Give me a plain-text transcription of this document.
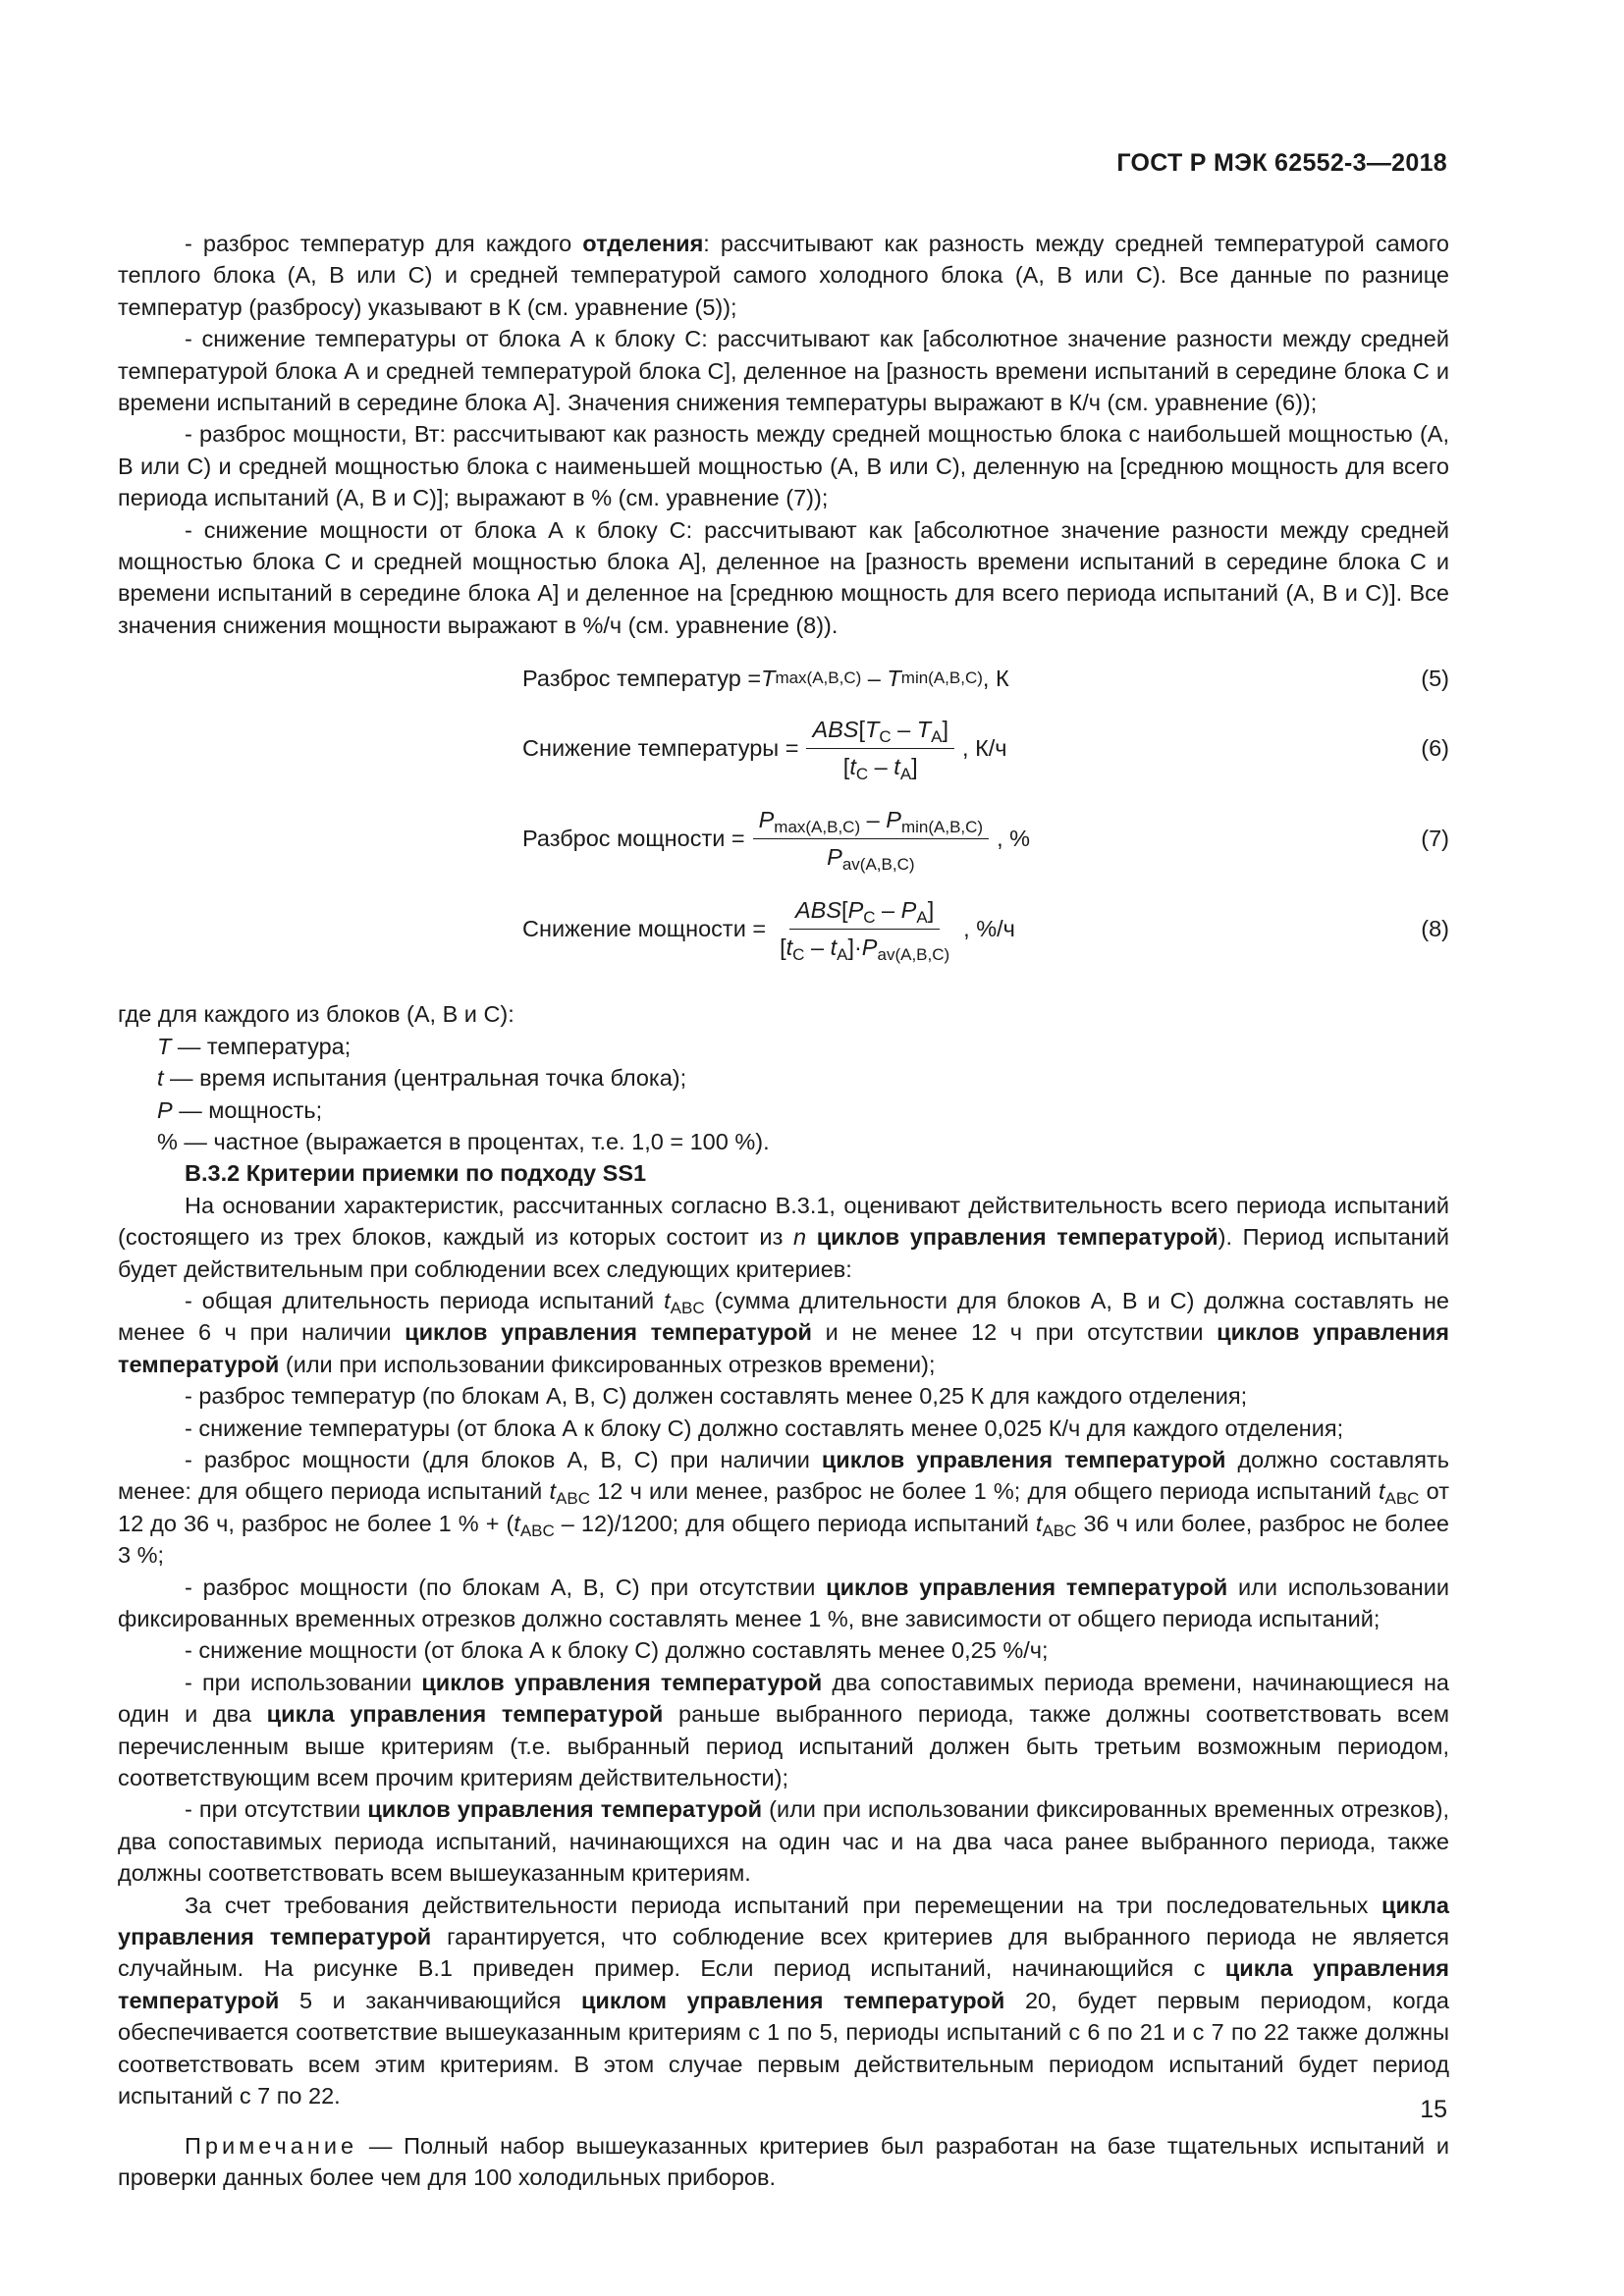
ГОСТ Р МЭК 62552-3—2018

- разброс температур для каждого отделения: рассчитывают как разность между средней температурой самого теплого блока (А, В или С) и средней температурой самого холодного блока (А, В или С). Все данные по разнице температур (разбросу) указывают в К (см. уравнение (5));

- снижение температуры от блока А к блоку С: рассчитывают как [абсолютное значение разности между средней температурой блока А и средней температурой блока С], деленное на [разность времени испытаний в середине блока С и времени испытаний в середине блока А]. Значения снижения температуры выражают в К/ч (см. уравнение (6));

- разброс мощности, Вт: рассчитывают как разность между средней мощностью блока с наибольшей мощностью (А, В или С) и средней мощностью блока с наименьшей мощностью (А, В или С), деленную на [среднюю мощность для всего периода испытаний (А, В и С)]; выражают в % (см. уравнение (7));

- снижение мощности от блока А к блоку С: рассчитывают как [абсолютное значение разности между средней мощностью блока С и средней мощностью блока А], деленное на [разность времени испытаний в середине блока С и времени испытаний в середине блока А] и деленное на [среднюю мощность для всего периода испытаний (А, В и С)]. Все значения снижения мощности выражают в %/ч (см. уравнение (8)).

Разброс температур = T max(A,B,C) – T min(A,B,C) , К	(5)
Снижение температуры = $\frac{ABS[T_C - T_A]}{[t_C - t_A]}$ , К/ч	(6)
Разброс мощности = $\frac{P_{max(A,B,C)} - P_{min(A,B,C)}}{P_{av(A,B,C)}}$ , %	(7)
Снижение мощности = $\frac{ABS[P_C - P_A]}{[t_C - t_A]\cdot P_{av(A,B,C)}}$ , %/ч	(8)

где для каждого из блоков (А, В и С):

T — температура;

t — время испытания (центральная точка блока);

P — мощность;

% — частное (выражается в процентах, т.е. 1,0 = 100 %).

В.3.2 Критерии приемки по подходу SS1

На основании характеристик, рассчитанных согласно В.3.1, оценивают действительность всего периода испытаний (состоящего из трех блоков, каждый из которых состоит из n циклов управления температурой). Период испытаний будет действительным при соблюдении всех следующих критериев:

- общая длительность периода испытаний $t_{ABC}$ (сумма длительности для блоков А, В и С) должна составлять не менее 6 ч при наличии циклов управления температурой и не менее 12 ч при отсутствии циклов управления температурой (или при использовании фиксированных отрезков времени);

- разброс температур (по блокам А, В, С) должен составлять менее 0,25 К для каждого отделения;

- снижение температуры (от блока А к блоку С) должно составлять менее 0,025 К/ч для каждого отделения;

- разброс мощности (для блоков А, В, С) при наличии циклов управления температурой должно составлять менее: для общего периода испытаний $t_{ABC}$ 12 ч или менее, разброс не более 1 %; для общего периода испытаний $t_{ABC}$ от 12 до 36 ч, разброс не более 1 % + $(t_{ABC} - 12)/1200$; для общего периода испытаний $t_{ABC}$ 36 ч или более, разброс не более 3 %;

- разброс мощности (по блокам А, В, С) при отсутствии циклов управления температурой или использовании фиксированных временных отрезков должно составлять менее 1 %, вне зависимости от общего периода испытаний;

- снижение мощности (от блока А к блоку С) должно составлять менее 0,25 %/ч;

- при использовании циклов управления температурой два сопоставимых периода времени, начинающиеся на один и два цикла управления температурой раньше выбранного периода, также должны соответствовать всем перечисленным выше критериям (т.е. выбранный период испытаний должен быть третьим возможным периодом, соответствующим всем прочим критериям действительности);

- при отсутствии циклов управления температурой (или при использовании фиксированных временных отрезков), два сопоставимых периода испытаний, начинающихся на один час и на два часа ранее выбранного периода, также должны соответствовать всем вышеуказанным критериям.

За счет требования действительности периода испытаний при перемещении на три последовательных цикла управления температурой гарантируется, что соблюдение всех критериев для выбранного периода не является случайным. На рисунке В.1 приведен пример. Если период испытаний, начинающийся с цикла управления температурой 5 и заканчивающийся циклом управления температурой 20, будет первым периодом, когда обеспечивается соответствие вышеуказанным критериям с 1 по 5, периоды испытаний с 6 по 21 и с 7 по 22 также должны соответствовать всем этим критериям. В этом случае первым действительным периодом испытаний будет период испытаний с 7 по 22.

Примечание — Полный набор вышеуказанных критериев был разработан на базе тщательных испытаний и проверки данных более чем для 100 холодильных приборов.

15
